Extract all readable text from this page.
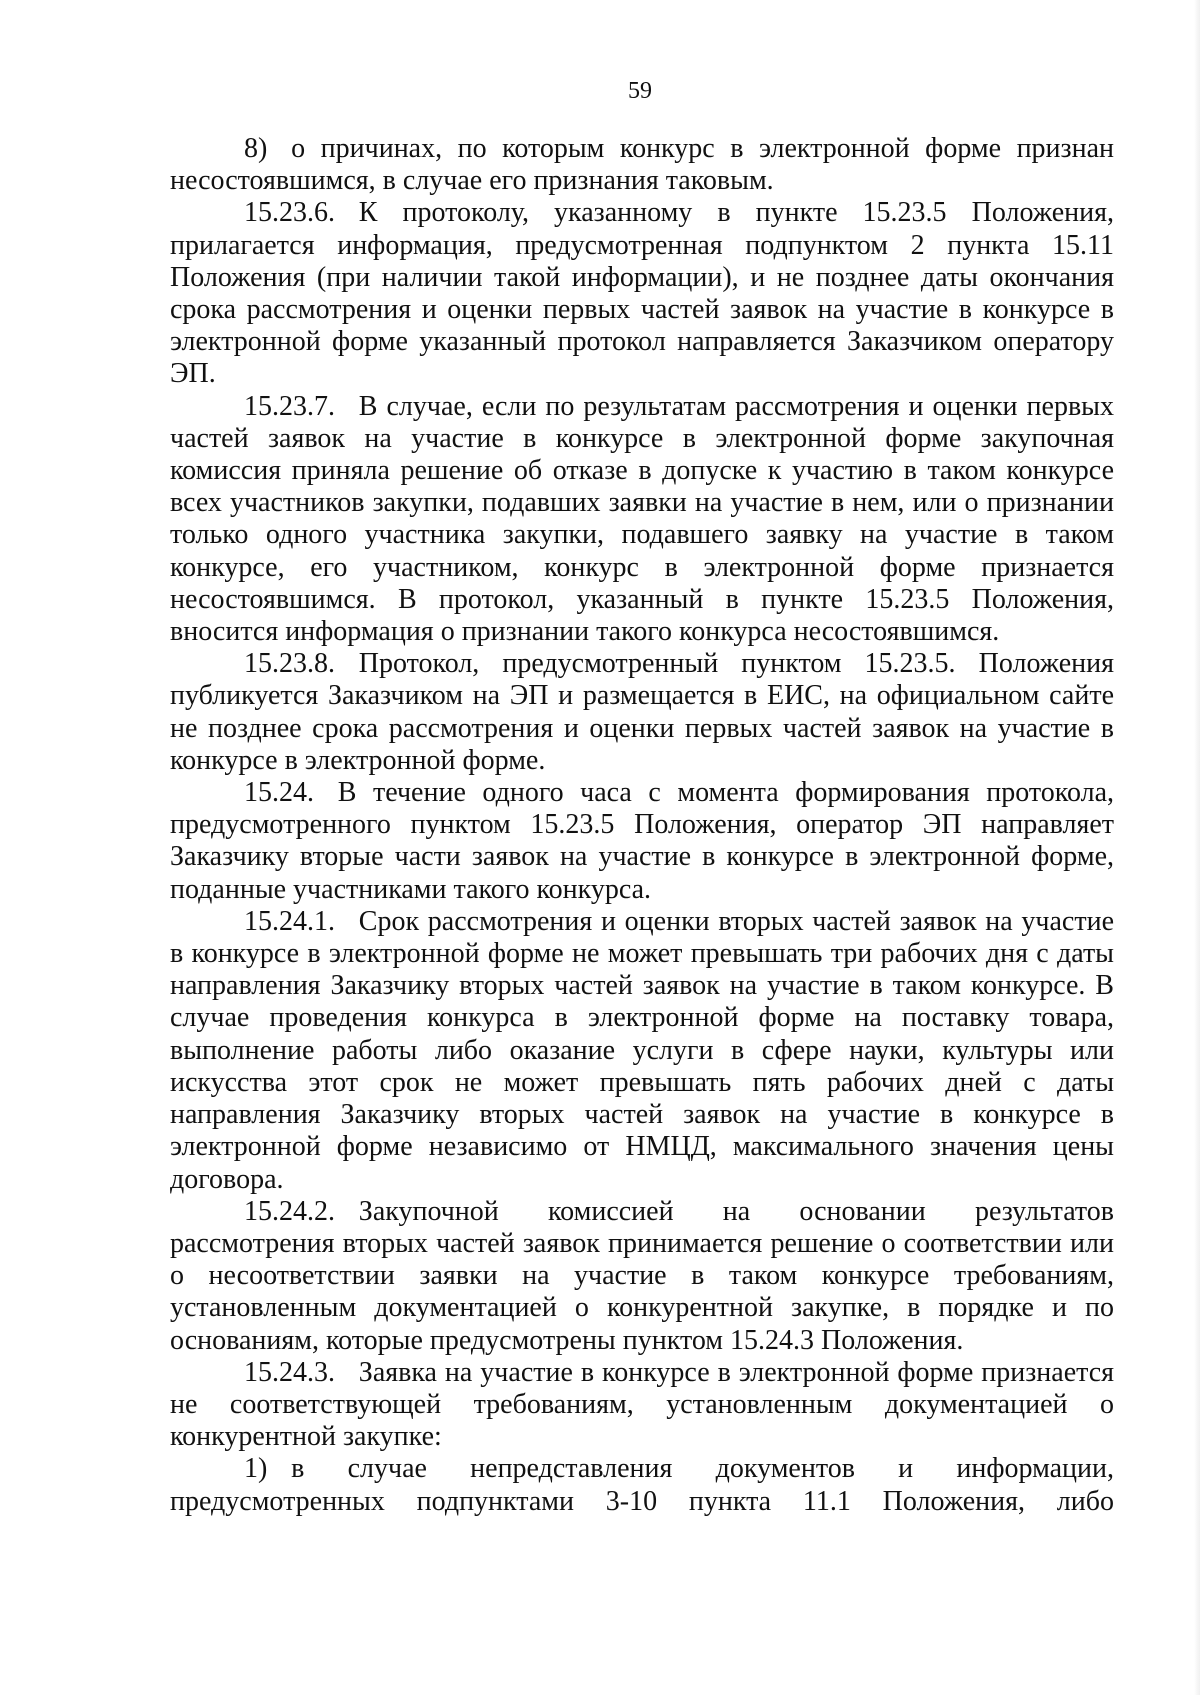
59

8) о причинах, по которым конкурс в электронной форме признан несостоявшимся, в случае его признания таковым.

15.23.6. К протоколу, указанному в пункте 15.23.5 Положения, прилагается информация, предусмотренная подпунктом 2 пункта 15.11 Положения (при наличии такой информации), и не позднее даты окончания срока рассмотрения и оценки первых частей заявок на участие в конкурсе в электронной форме указанный протокол направляется Заказчиком оператору ЭП.

15.23.7. В случае, если по результатам рассмотрения и оценки первых частей заявок на участие в конкурсе в электронной форме закупочная комиссия приняла решение об отказе в допуске к участию в таком конкурсе всех участников закупки, подавших заявки на участие в нем, или о признании только одного участника закупки, подавшего заявку на участие в таком конкурсе, его участником, конкурс в электронной форме признается несостоявшимся. В протокол, указанный в пункте 15.23.5 Положения, вносится информация о признании такого конкурса несостоявшимся.

15.23.8. Протокол, предусмотренный пунктом 15.23.5. Положения публикуется Заказчиком на ЭП и размещается в ЕИС, на официальном сайте не позднее срока рассмотрения и оценки первых частей заявок на участие в конкурсе в электронной форме.

15.24. В течение одного часа с момента формирования протокола, предусмотренного пунктом 15.23.5 Положения, оператор ЭП направляет Заказчику вторые части заявок на участие в конкурсе в электронной форме, поданные участниками такого конкурса.

15.24.1. Срок рассмотрения и оценки вторых частей заявок на участие в конкурсе в электронной форме не может превышать три рабочих дня с даты направления Заказчику вторых частей заявок на участие в таком конкурсе. В случае проведения конкурса в электронной форме на поставку товара, выполнение работы либо оказание услуги в сфере науки, культуры или искусства этот срок не может превышать пять рабочих дней с даты направления Заказчику вторых частей заявок на участие в конкурсе в электронной форме независимо от НМЦД, максимального значения цены договора.

15.24.2. Закупочной комиссией на основании результатов рассмотрения вторых частей заявок принимается решение о соответствии или о несоответствии заявки на участие в таком конкурсе требованиям, установленным документацией о конкурентной закупке, в порядке и по основаниям, которые предусмотрены пунктом 15.24.3 Положения.

15.24.3. Заявка на участие в конкурсе в электронной форме признается не соответствующей требованиям, установленным документацией о конкурентной закупке:

1) в случае непредставления документов и информации, предусмотренных подпунктами 3-10 пункта 11.1 Положения, либо
